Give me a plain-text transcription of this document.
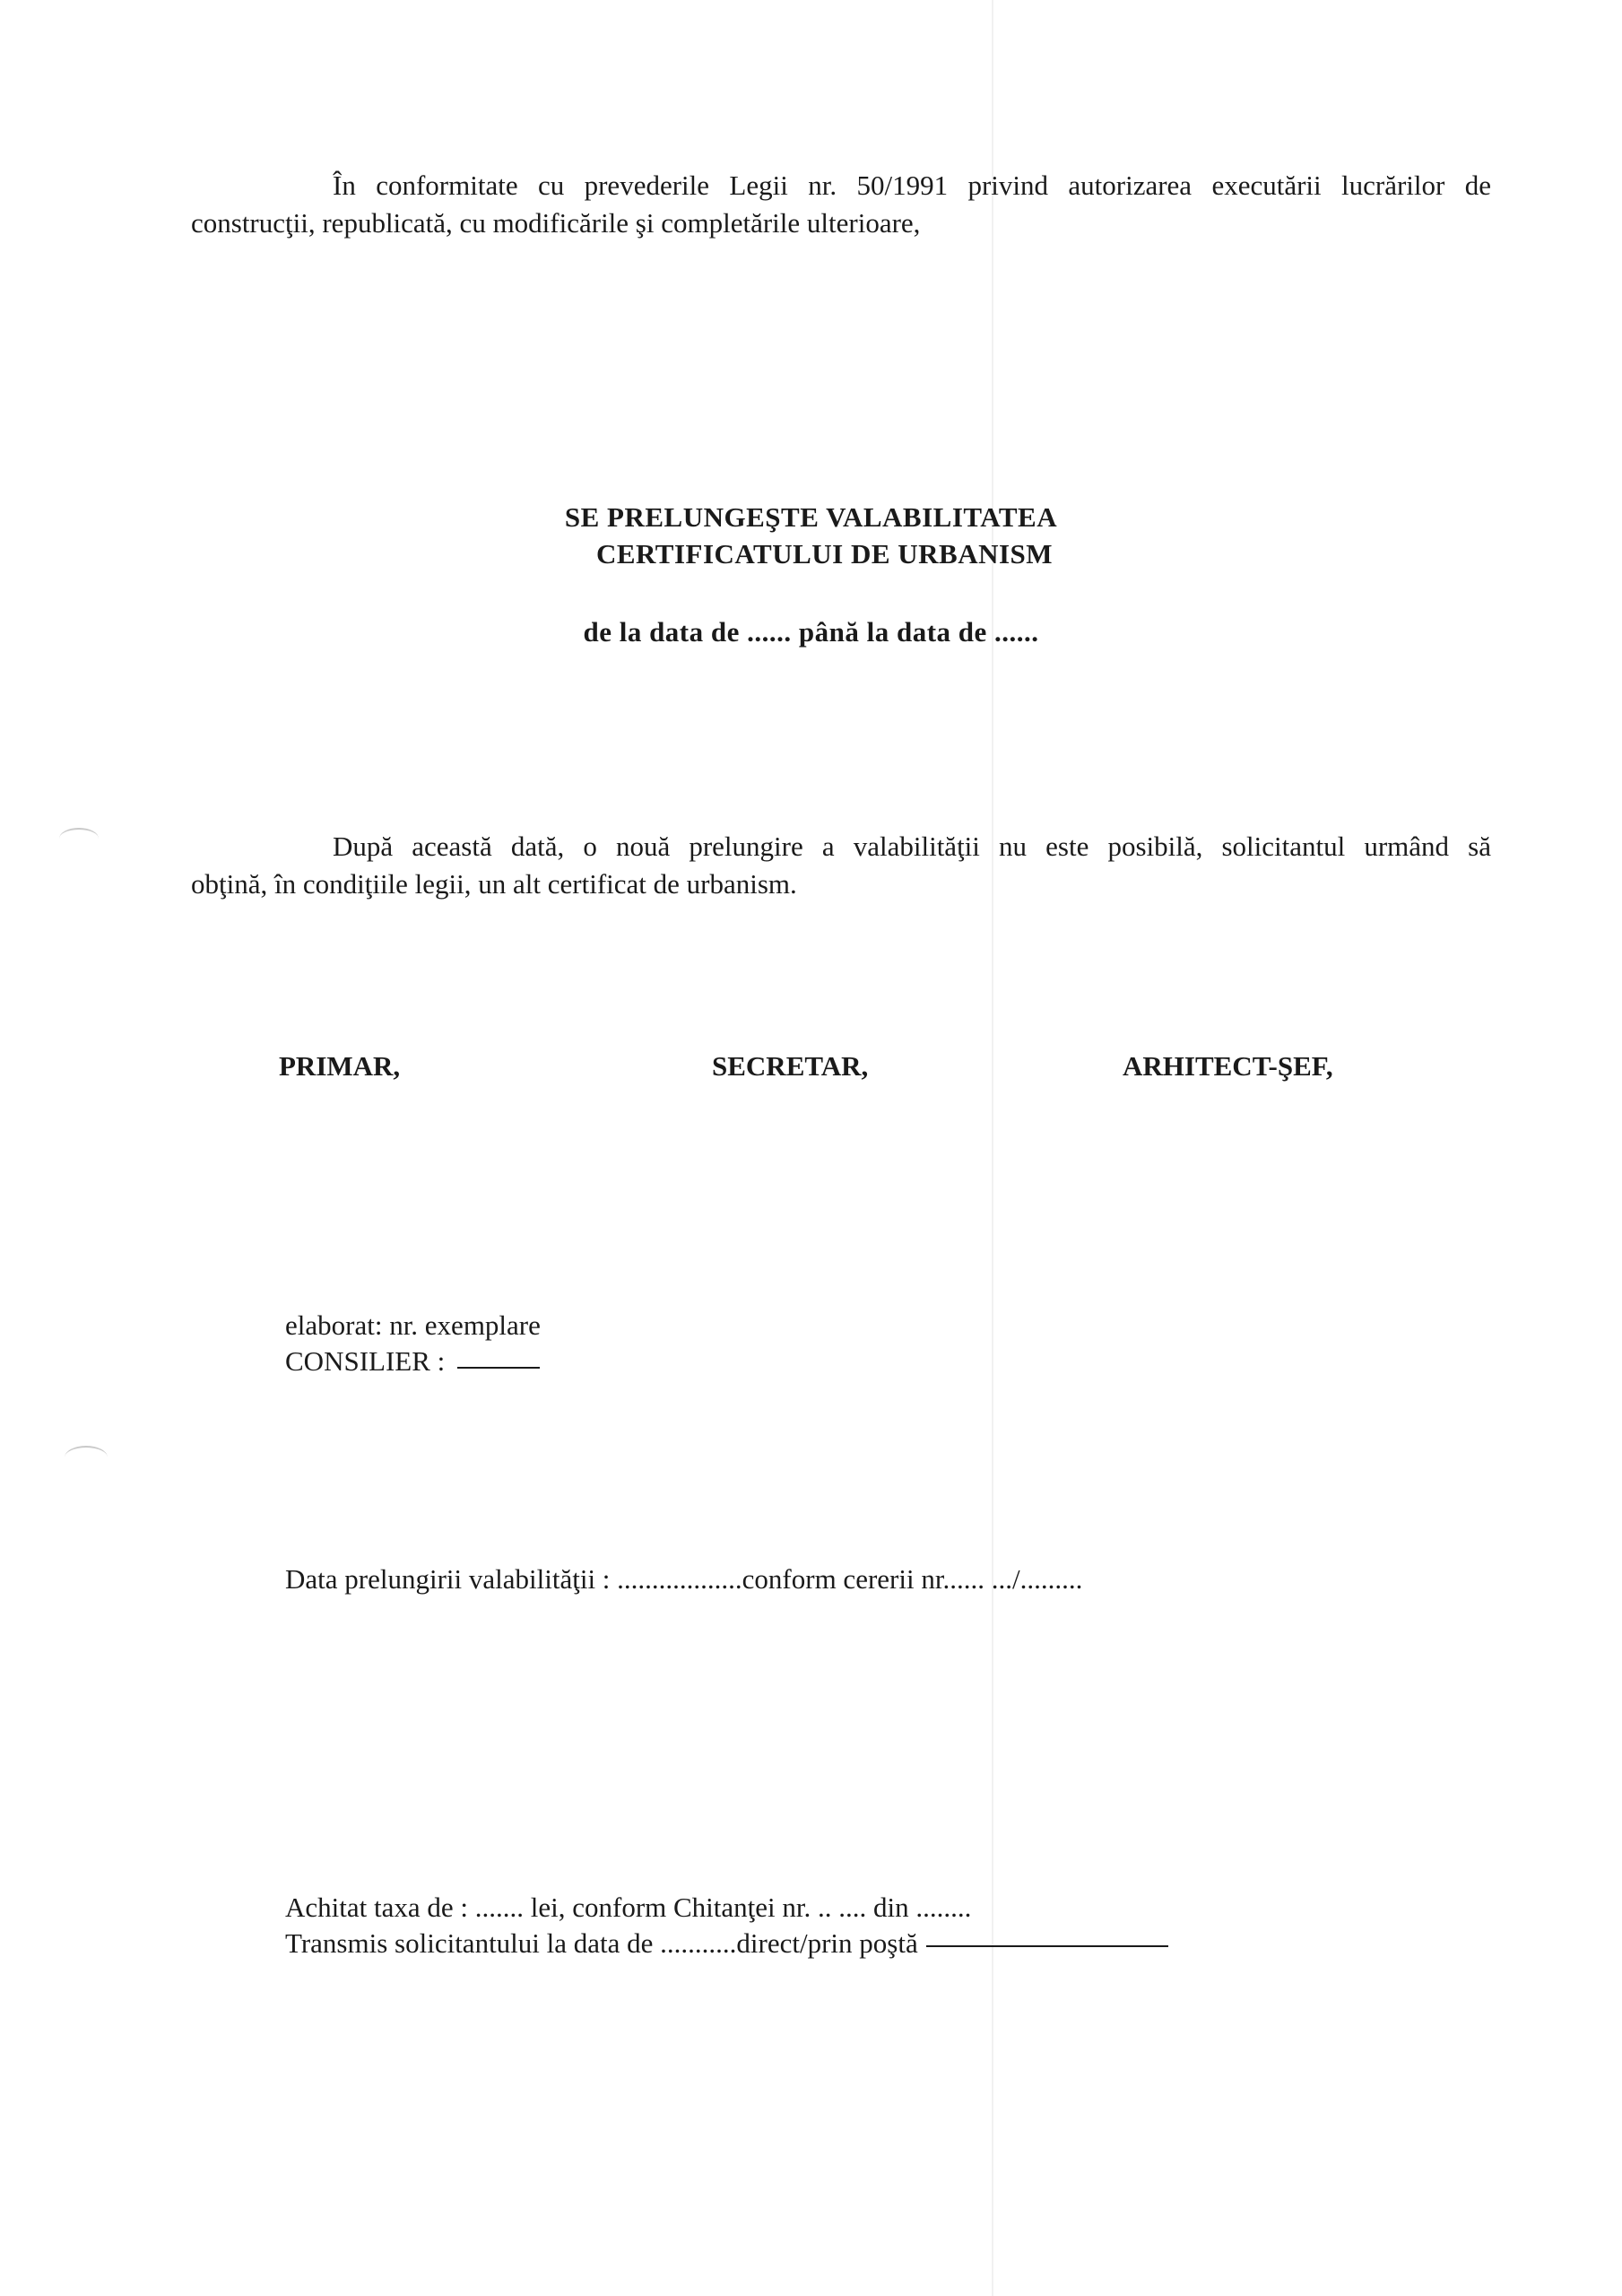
În conformitate cu prevederile Legii nr. 50/1991 privind autorizarea executării lucrărilor de
construcţii, republicată, cu modificările şi completările ulterioare,
SE PRELUNGEŞTE VALABILITATEA
CERTIFICATULUI DE URBANISM
de la data de ...... până la data de ......
După această dată, o nouă prelungire a valabilităţii nu este posibilă, solicitantul urmând să
obţină, în condiţiile legii, un alt certificat de urbanism.
PRIMAR,	SECRETAR,	ARHITECT-ŞEF,
elaborat: nr. exemplare
CONSILIER :
Data prelungirii valabilităţii : ..................conform cererii nr...... .../.........
Achitat taxa de : ....... lei, conform Chitanţei nr. .. .... din ........
Transmis solicitantului la data de ...........direct/prin poştă
